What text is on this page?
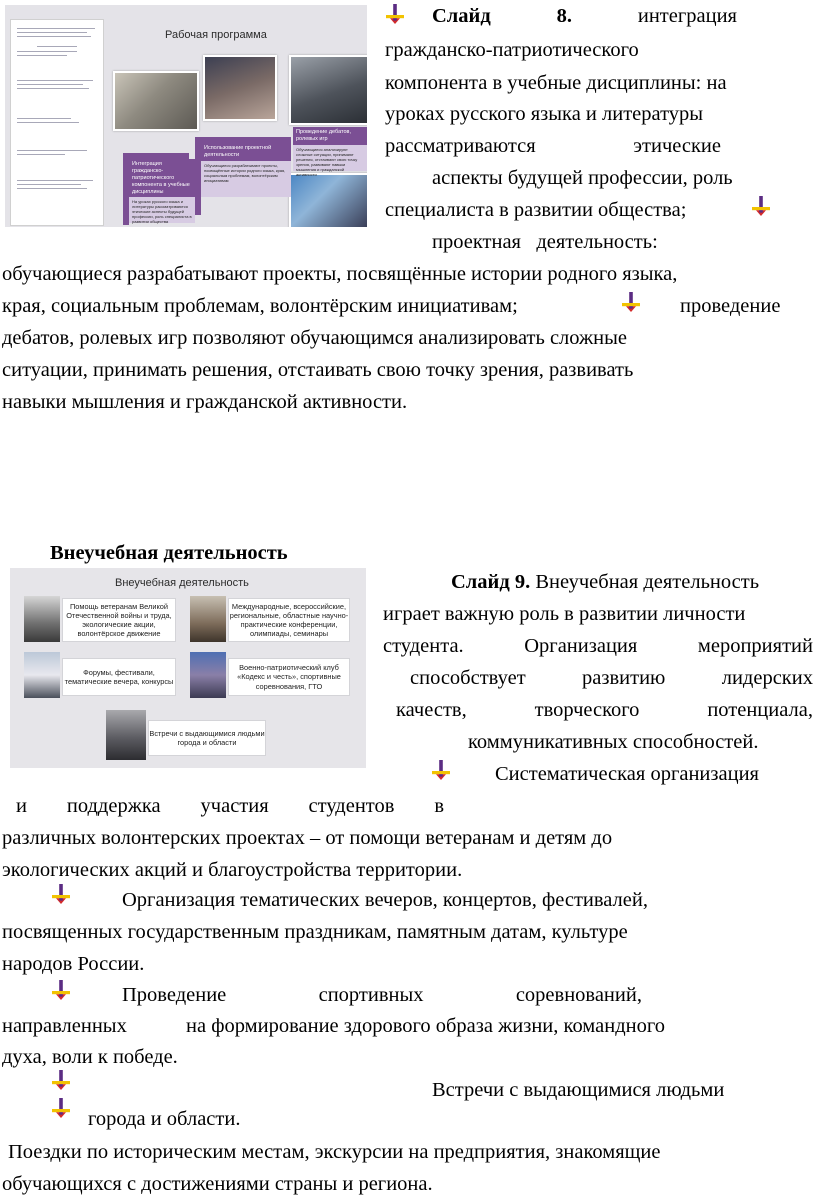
Рабочая программа
Интеграция гражданско-патриотического компонента в учебные дисциплины
На уроках русского языка и литературы рассматриваются этические аспекты будущей профессии, роль специалиста в развитии общества
Использование проектной деятельности
Обучающиеся разрабатывают проекты, посвящённые истории родного языка, края, социальным проблемам, волонтёрским инициативам
Проведение дебатов, ролевых игр
Обучающиеся анализируют сложные ситуации, принимают решения, отстаивают свою точку зрения, развивают навыки мышления и гражданской активности
Слайд	8.	интеграция
гражданско-патриотического
компонента в учебные дисциплины: на
уроках русского языка и литературы
рассматриваются	этические
аспекты будущей профессии, роль
специалиста в развитии общества;
проектная деятельность:
обучающиеся разрабатывают проекты, посвящённые истории родного языка,
края, социальным проблемам, волонтёрским инициативам;	проведение
дебатов, ролевых игр позволяют обучающимся анализировать сложные
ситуации, принимать решения, отстаивать свою точку зрения, развивать
навыки мышления и гражданской активности.
Внеучебная деятельность
Внеучебная деятельность
Помощь ветеранам Великой Отечественной войны и труда, экологические акции, волонтёрское движение
Международные, всероссийские, региональные, областные научно-практические конференции, олимпиады, семинары
Форумы, фестивали, тематические вечера, конкурсы
Военно-патриотический клуб «Кодекс и честь», спортивные соревнования, ГТО
Встречи с выдающимися людьми города и области
Слайд 9. Внеучебная деятельность
играет важную роль в развитии личности
студента.	Организация	мероприятий
способствует	развитию	лидерских
качеств,	творческого	потенциала,
коммуникативных способностей.
Систематическая организация
и поддержка участия студентов в
различных волонтерских проектах – от помощи ветеранам и детям до
экологических акций и благоустройства территории.
Организация тематических вечеров, концертов, фестивалей,
посвященных государственным праздникам, памятным датам, культуре
народов России.
Проведение	спортивных	соревнований,
направленных	на формирование здорового образа жизни, командного
духа, воли к победе.
Встречи с выдающимися людьми
города и области.
Поездки по историческим местам, экскурсии на предприятия, знакомящие
обучающихся с достижениями страны и региона.
